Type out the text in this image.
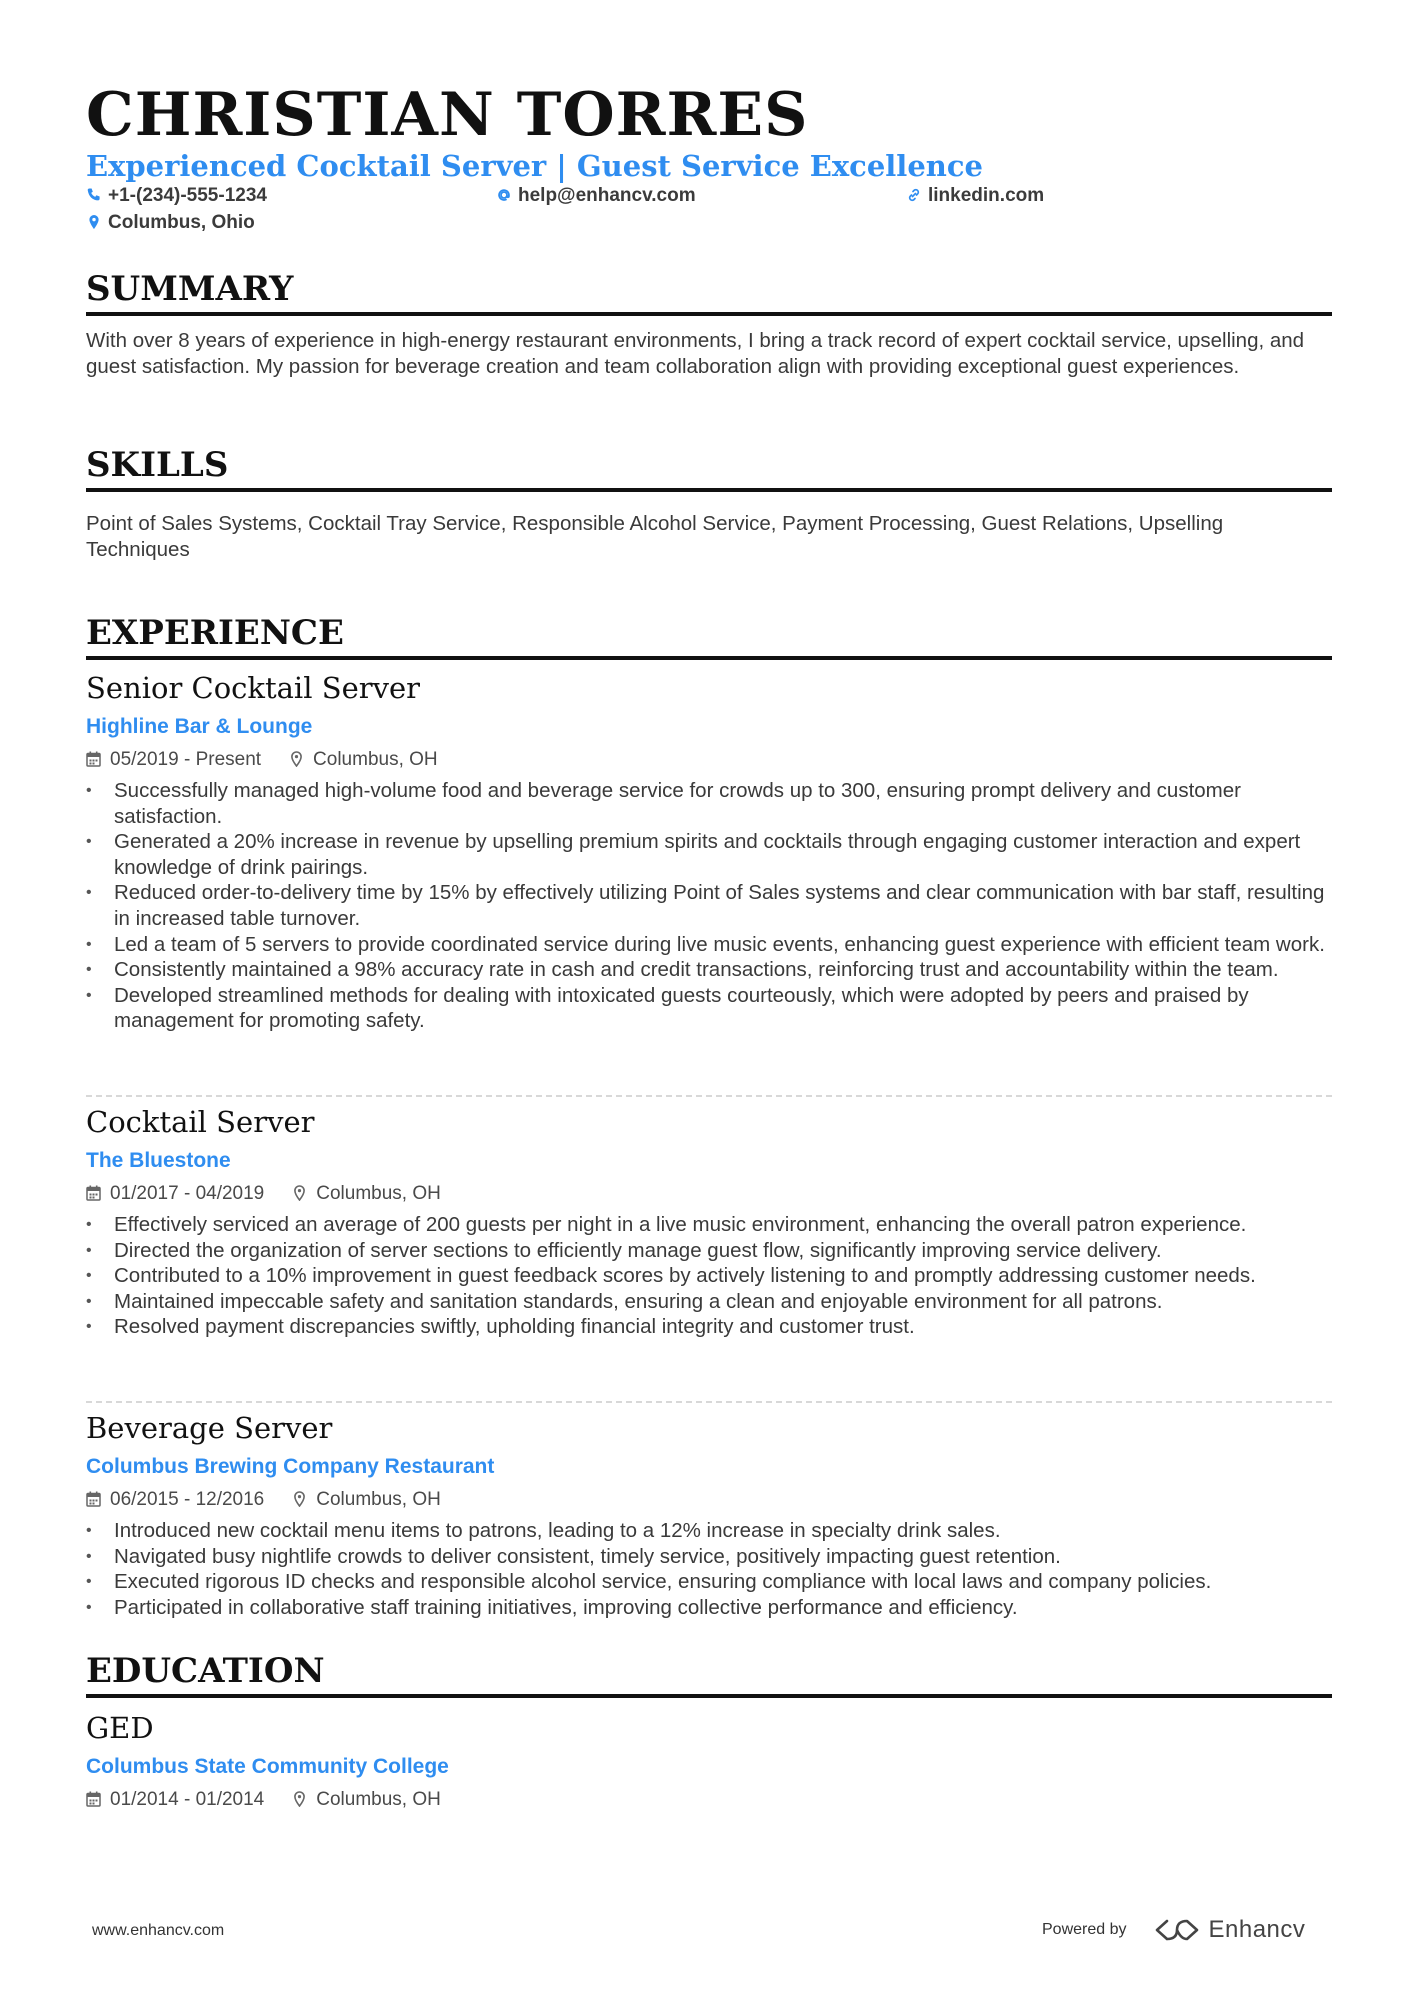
CHRISTIAN TORRES
Experienced Cocktail Server | Guest Service Excellence
+1-(234)-555-1234	help@enhancv.com	linkedin.com
Columbus, Ohio
SUMMARY
With over 8 years of experience in high-energy restaurant environments, I bring a track record of expert cocktail service, upselling, and guest satisfaction. My passion for beverage creation and team collaboration align with providing exceptional guest experiences.
SKILLS
Point of Sales Systems, Cocktail Tray Service, Responsible Alcohol Service, Payment Processing, Guest Relations, Upselling Techniques
EXPERIENCE
Senior Cocktail Server
Highline Bar & Lounge
05/2019 - Present	Columbus, OH
• Successfully managed high-volume food and beverage service for crowds up to 300, ensuring prompt delivery and customer satisfaction.
• Generated a 20% increase in revenue by upselling premium spirits and cocktails through engaging customer interaction and expert knowledge of drink pairings.
• Reduced order-to-delivery time by 15% by effectively utilizing Point of Sales systems and clear communication with bar staff, resulting in increased table turnover.
• Led a team of 5 servers to provide coordinated service during live music events, enhancing guest experience with efficient team work.
• Consistently maintained a 98% accuracy rate in cash and credit transactions, reinforcing trust and accountability within the team.
• Developed streamlined methods for dealing with intoxicated guests courteously, which were adopted by peers and praised by management for promoting safety.
Cocktail Server
The Bluestone
01/2017 - 04/2019	Columbus, OH
• Effectively serviced an average of 200 guests per night in a live music environment, enhancing the overall patron experience.
• Directed the organization of server sections to efficiently manage guest flow, significantly improving service delivery.
• Contributed to a 10% improvement in guest feedback scores by actively listening to and promptly addressing customer needs.
• Maintained impeccable safety and sanitation standards, ensuring a clean and enjoyable environment for all patrons.
• Resolved payment discrepancies swiftly, upholding financial integrity and customer trust.
Beverage Server
Columbus Brewing Company Restaurant
06/2015 - 12/2016	Columbus, OH
• Introduced new cocktail menu items to patrons, leading to a 12% increase in specialty drink sales.
• Navigated busy nightlife crowds to deliver consistent, timely service, positively impacting guest retention.
• Executed rigorous ID checks and responsible alcohol service, ensuring compliance with local laws and company policies.
• Participated in collaborative staff training initiatives, improving collective performance and efficiency.
EDUCATION
GED
Columbus State Community College
01/2014 - 01/2014	Columbus, OH
www.enhancv.com	Powered by	Enhancv
